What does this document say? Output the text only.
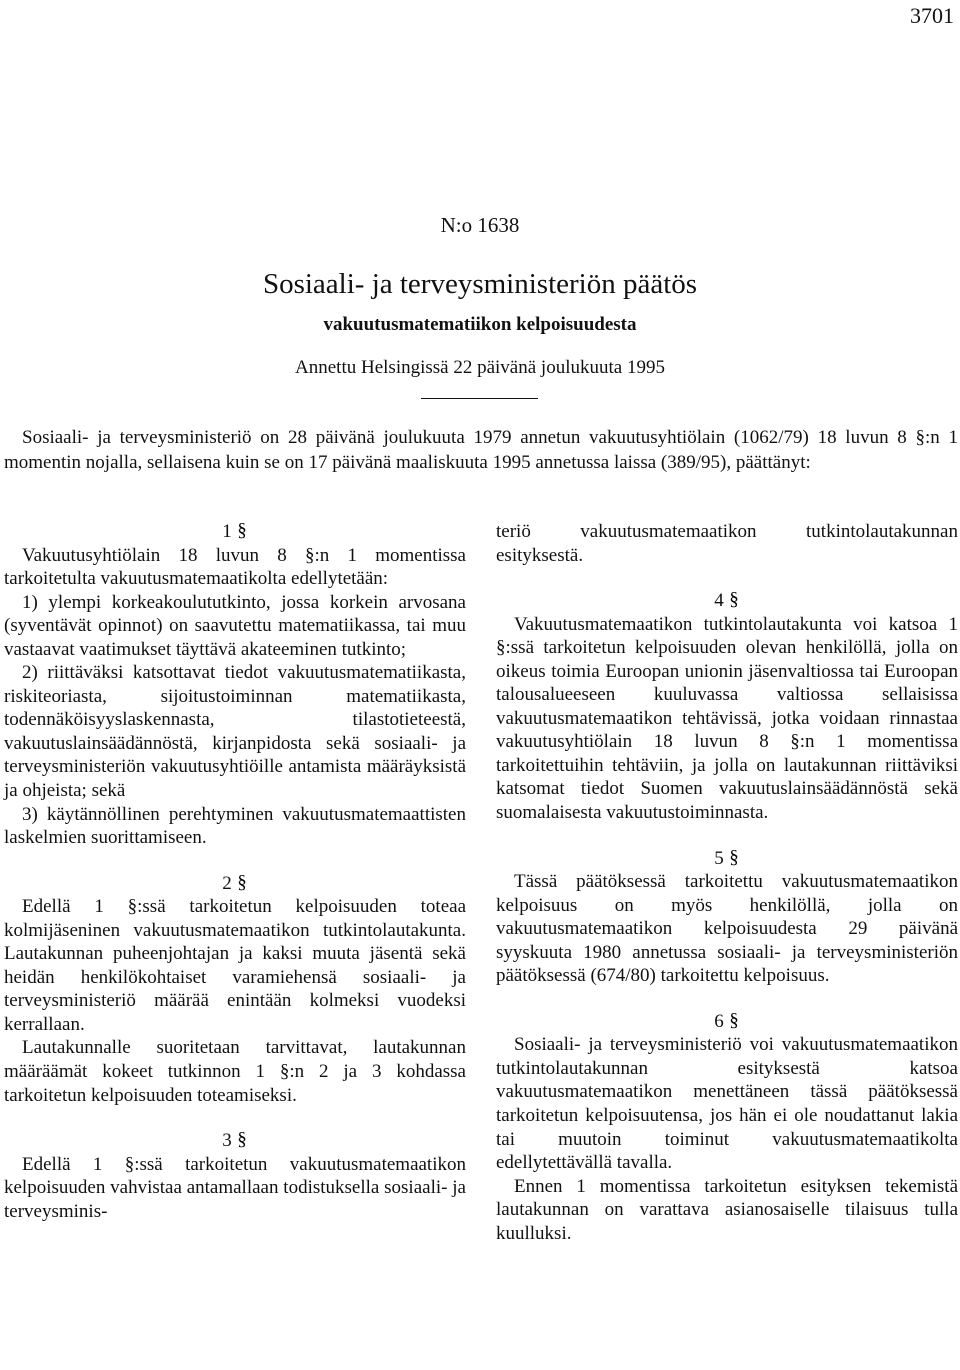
3701
N:o 1638
Sosiaali- ja terveysministeriön päätös
vakuutusmatematiikon kelpoisuudesta
Annettu Helsingissä 22 päivänä joulukuuta 1995

Sosiaali- ja terveysministeriö on 28 päivänä joulukuuta 1979 annetun vakuutusyhtiölain (1062/79) 18 luvun 8 §:n 1 momentin nojalla, sellaisena kuin se on 17 päivänä maaliskuuta 1995 annetussa laissa (389/95), päättänyt:

1 §

Vakuutusyhtiölain 18 luvun 8 §:n 1 momentissa tarkoitetulta vakuutusmatemaatikolta edellytetään:

1) ylempi korkeakoulututkinto, jossa korkein arvosana (syventävät opinnot) on saavutettu matematiikassa, tai muu vastaavat vaatimukset täyttävä akateeminen tutkinto;

2) riittäväksi katsottavat tiedot vakuutusmatematiikasta, riskiteoriasta, sijoitustoiminnan matematiikasta, todennäköisyyslaskennasta, tilastotieteestä, vakuutuslainsäädännöstä, kirjanpidosta sekä sosiaali- ja terveysministeriön vakuutusyhtiöille antamista määräyksistä ja ohjeista; sekä

3) käytännöllinen perehtyminen vakuutusmatemaattisten laskelmien suorittamiseen.

2 §

Edellä 1 §:ssä tarkoitetun kelpoisuuden toteaa kolmijäseninen vakuutusmatemaatikon tutkintolautakunta. Lautakunnan puheenjohtajan ja kaksi muuta jäsentä sekä heidän henkilökohtaiset varamiehensä sosiaali- ja terveysministeriö määrää enintään kolmeksi vuodeksi kerrallaan.

Lautakunnalle suoritetaan tarvittavat, lautakunnan määräämät kokeet tutkinnon 1 §:n 2 ja 3 kohdassa tarkoitetun kelpoisuuden toteamiseksi.

3 §

Edellä 1 §:ssä tarkoitetun vakuutusmatemaatikon kelpoisuuden vahvistaa antamallaan todistuksella sosiaali- ja terveysminis-

teriö vakuutusmatemaatikon tutkintolautakunnan esityksestä.

4 §

Vakuutusmatemaatikon tutkintolautakunta voi katsoa 1 §:ssä tarkoitetun kelpoisuuden olevan henkilöllä, jolla on oikeus toimia Euroopan unionin jäsenvaltiossa tai Euroopan talousalueeseen kuuluvassa valtiossa sellaisissa vakuutusmatemaatikon tehtävissä, jotka voidaan rinnastaa vakuutusyhtiölain 18 luvun 8 §:n 1 momentissa tarkoitettuihin tehtäviin, ja jolla on lautakunnan riittäviksi katsomat tiedot Suomen vakuutuslainsäädännöstä sekä suomalaisesta vakuutustoiminnasta.

5 §

Tässä päätöksessä tarkoitettu vakuutusmatemaatikon kelpoisuus on myös henkilöllä, jolla on vakuutusmatemaatikon kelpoisuudesta 29 päivänä syyskuuta 1980 annetussa sosiaali- ja terveysministeriön päätöksessä (674/80) tarkoitettu kelpoisuus.

6 §

Sosiaali- ja terveysministeriö voi vakuutusmatemaatikon tutkintolautakunnan esityksestä katsoa vakuutusmatemaatikon menettäneen tässä päätöksessä tarkoitetun kelpoisuutensa, jos hän ei ole noudattanut lakia tai muutoin toiminut vakuutusmatemaatikolta edellytettävällä tavalla.

Ennen 1 momentissa tarkoitetun esityksen tekemistä lautakunnan on varattava asianosaiselle tilaisuus tulla kuulluksi.
